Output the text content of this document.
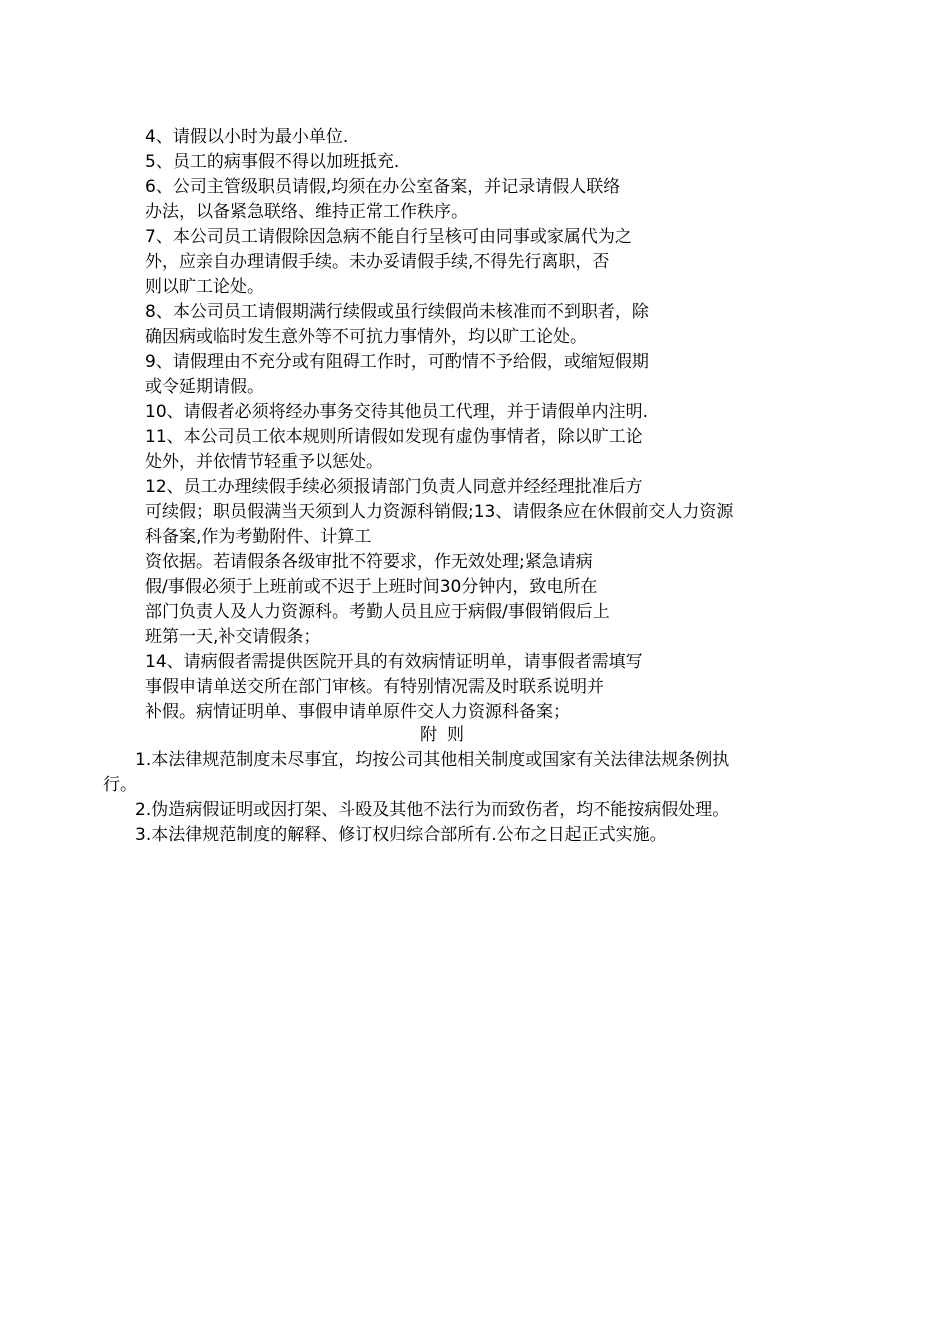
4、请假以小时为最小单位.
5、员工的病事假不得以加班抵充.
6、公司主管级职员请假,均须在办公室备案，并记录请假人联络
办法，以备紧急联络、维持正常工作秩序。
7、本公司员工请假除因急病不能自行呈核可由同事或家属代为之
外，应亲自办理请假手续。未办妥请假手续,不得先行离职，否
则以旷工论处。
8、本公司员工请假期满行续假或虽行续假尚未核准而不到职者，除
确因病或临时发生意外等不可抗力事情外，均以旷工论处。
9、请假理由不充分或有阻碍工作时，可酌情不予给假，或缩短假期
或令延期请假。
10、请假者必须将经办事务交待其他员工代理，并于请假单内注明.
11、本公司员工依本规则所请假如发现有虚伪事情者，除以旷工论
处外，并依情节轻重予以惩处。
12、员工办理续假手续必须报请部门负责人同意并经经理批准后方
可续假；职员假满当天须到人力资源科销假;13、请假条应在休假前交人力资源
科备案,作为考勤附件、计算工
资依据。若请假条各级审批不符要求，作无效处理;紧急请病
假/事假必须于上班前或不迟于上班时间30分钟内，致电所在
部门负责人及人力资源科。考勤人员且应于病假/事假销假后上
班第一天,补交请假条；
14、请病假者需提供医院开具的有效病情证明单，请事假者需填写
事假申请单送交所在部门审核。有特别情况需及时联系说明并
补假。病情证明单、事假申请单原件交人力资源科备案；
附则
1.本法律规范制度未尽事宜，均按公司其他相关制度或国家有关法律法规条例执
行。
2.伪造病假证明或因打架、斗殴及其他不法行为而致伤者，均不能按病假处理。
3.本法律规范制度的解释、修订权归综合部所有.公布之日起正式实施。
